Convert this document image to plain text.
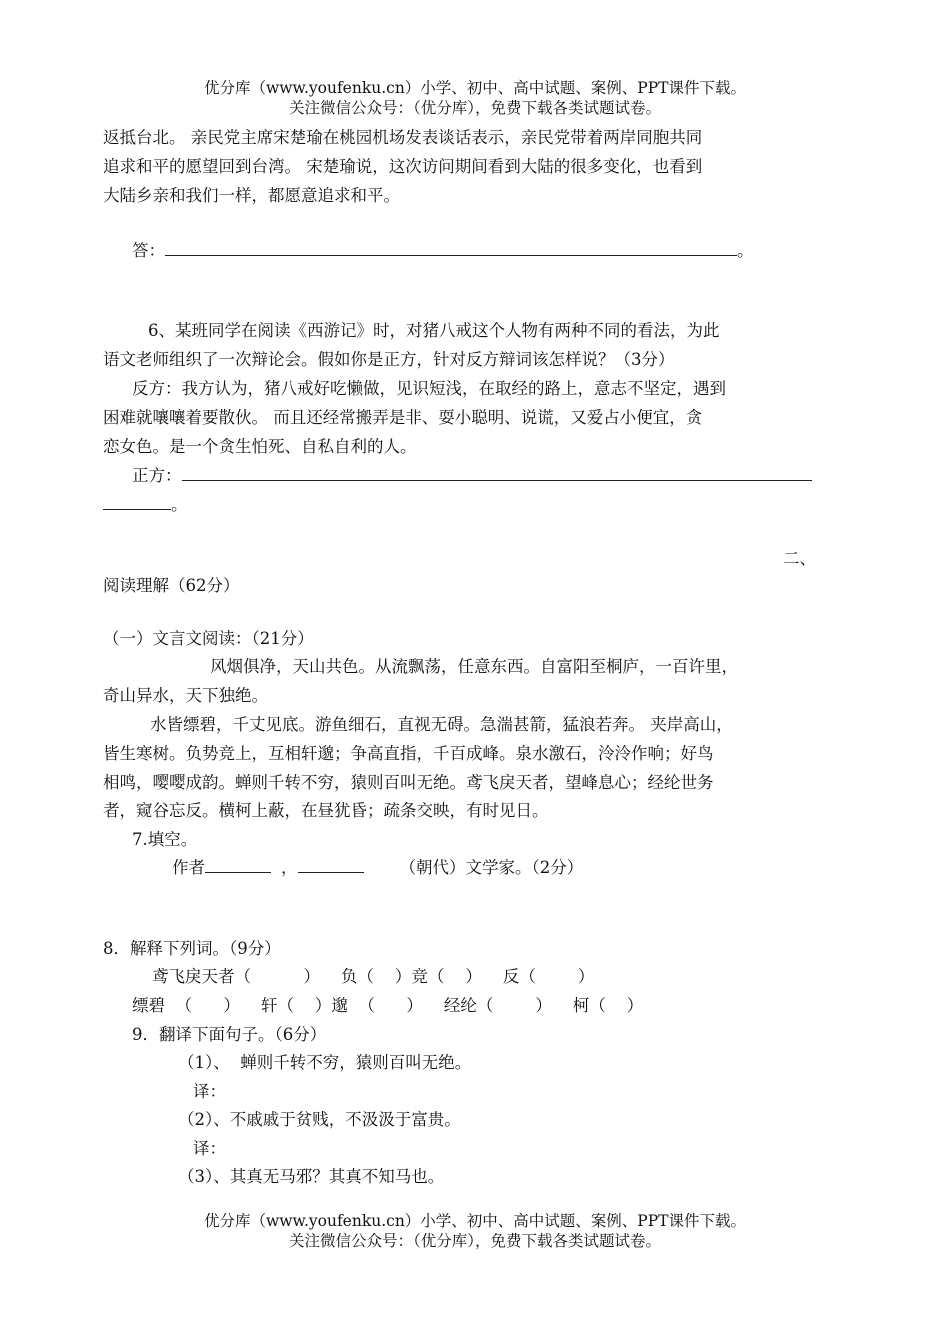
优分库（www.youfenku.cn）小学、初中、高中试题、案例、PPT课件下载。
关注微信公众号：（优分库），免费下载各类试题试卷。
返抵台北。 亲民党主席宋楚瑜在桃园机场发表谈话表示，亲民党带着两岸同胞共同
追求和平的愿望回到台湾。 宋楚瑜说，这次访问期间看到大陆的很多变化，也看到
大陆乡亲和我们一样，都愿意追求和平。
答：	。
6、某班同学在阅读《西游记》时，对猪八戒这个人物有两种不同的看法，为此
语文老师组织了一次辩论会。假如你是正方，针对反方辩词该怎样说？（3分）
反方：我方认为，猪八戒好吃懒做，见识短浅，在取经的路上，意志不坚定，遇到
困难就嚷嚷着要散伙。 而且还经常搬弄是非、耍小聪明、说谎，又爱占小便宜，贪
恋女色。是一个贪生怕死、自私自利的人。
正方：
。
二、
阅读理解（62分）
（一）文言文阅读：（21分）
风烟俱净，天山共色。从流飘荡，任意东西。自富阳至桐庐，一百许里，
奇山异水，天下独绝。
水皆缥碧，千丈见底。游鱼细石，直视无碍。急湍甚箭，猛浪若奔。 夹岸高山，
皆生寒树。负势竞上，互相轩邈；争高直指，千百成峰。泉水激石，泠泠作响；好鸟
相鸣，嘤嘤成韵。蝉则千转不穷，猿则百叫无绝。鸢飞戾天者，望峰息心；经纶世务
者，窥谷忘反。横柯上蔽，在昼犹昏；疏条交映，有时见日。
7.填空。
作者	，	（朝代）文学家。（2分）
8．解释下列词。（9分）
鸢飞戾天者（          ）    负（    ）竞（    ）    反（        ）
缥碧  （      ）    轩（    ）邈  （      ）    经纶（        ）    柯（    ）
9．翻译下面句子。（6分）
（1）、  蝉则千转不穷，猿则百叫无绝。
译：
（2）、不戚戚于贫贱，不汲汲于富贵。
译：
（3）、其真无马邪？其真不知马也。
优分库（www.youfenku.cn）小学、初中、高中试题、案例、PPT课件下载。
关注微信公众号：（优分库），免费下载各类试题试卷。
